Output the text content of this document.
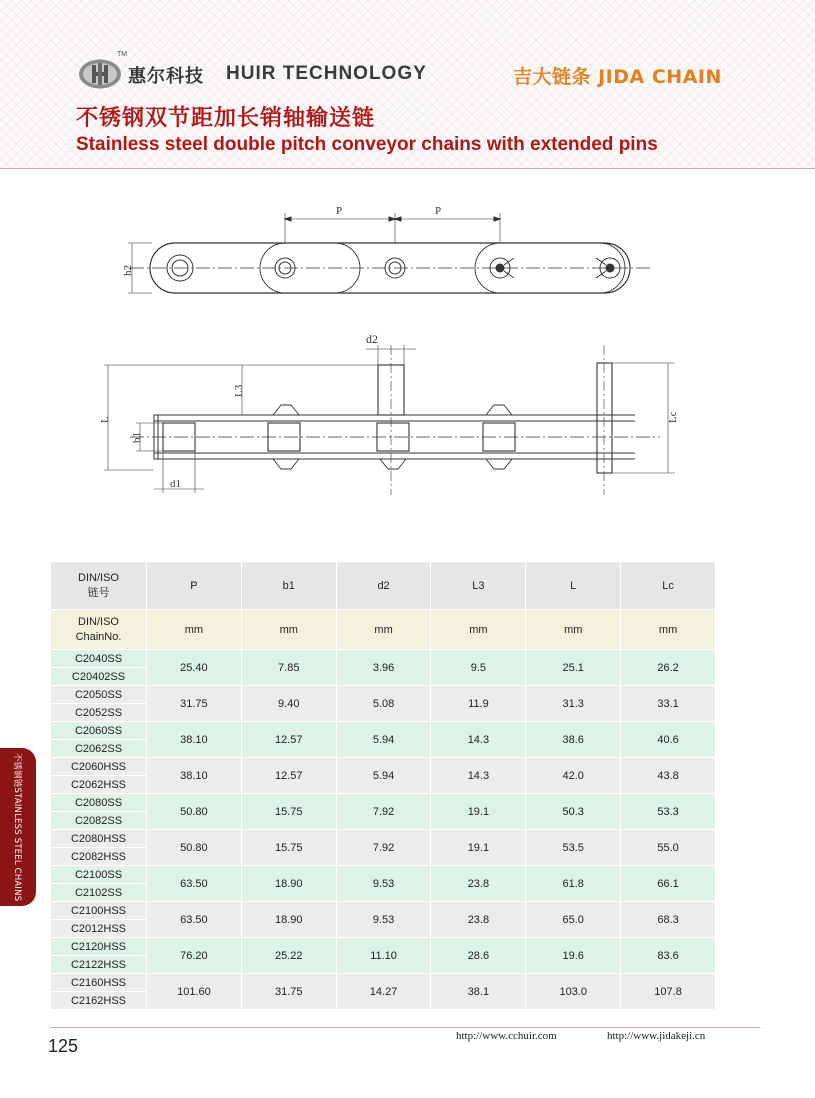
TM
惠尔科技 HUIR TECHNOLOGY	吉大链条 JIDA CHAIN
不锈钢双节距加长销轴输送链
Stainless steel double pitch conveyor chains with extended pins
P	P
h2
d2
L
L3
Lc
b1
d1
不锈钢链STAINLESS STEEL CHAINS
DIN/ISO
链号	P	b1	d2	L3	L	Lc

DIN/ISO
ChainNo.	mm	mm	mm	mm	mm	mm
C2040SS	25.40	7.85	3.96	9.5	25.1	26.2
C20402SS						
C2050SS	31.75	9.40	5.08	11.9	31.3	33.1
C2052SS						
C2060SS	38.10	12.57	5.94	14.3	38.6	40.6
C2062SS						
C2060HSS	38.10	12.57	5.94	14.3	42.0	43.8
C2062HSS						
C2080SS	50.80	15.75	7.92	19.1	50.3	53.3
C2082SS						
C2080HSS	50.80	15.75	7.92	19.1	53.5	55.0
C2082HSS						
C2100SS	63.50	18.90	9.53	23.8	61.8	66.1
C2102SS						
C2100HSS	63.50	18.90	9.53	23.8	65.0	68.3
C2012HSS						
C2120HSS	76.20	25.22	11.10	28.6	19.6	83.6
C2122HSS						
C2160HSS	101.60	31.75	14.27	38.1	103.0	107.8
C2162HSS						
125	http://www.cchuir.com	http://www.jidakeji.cn
